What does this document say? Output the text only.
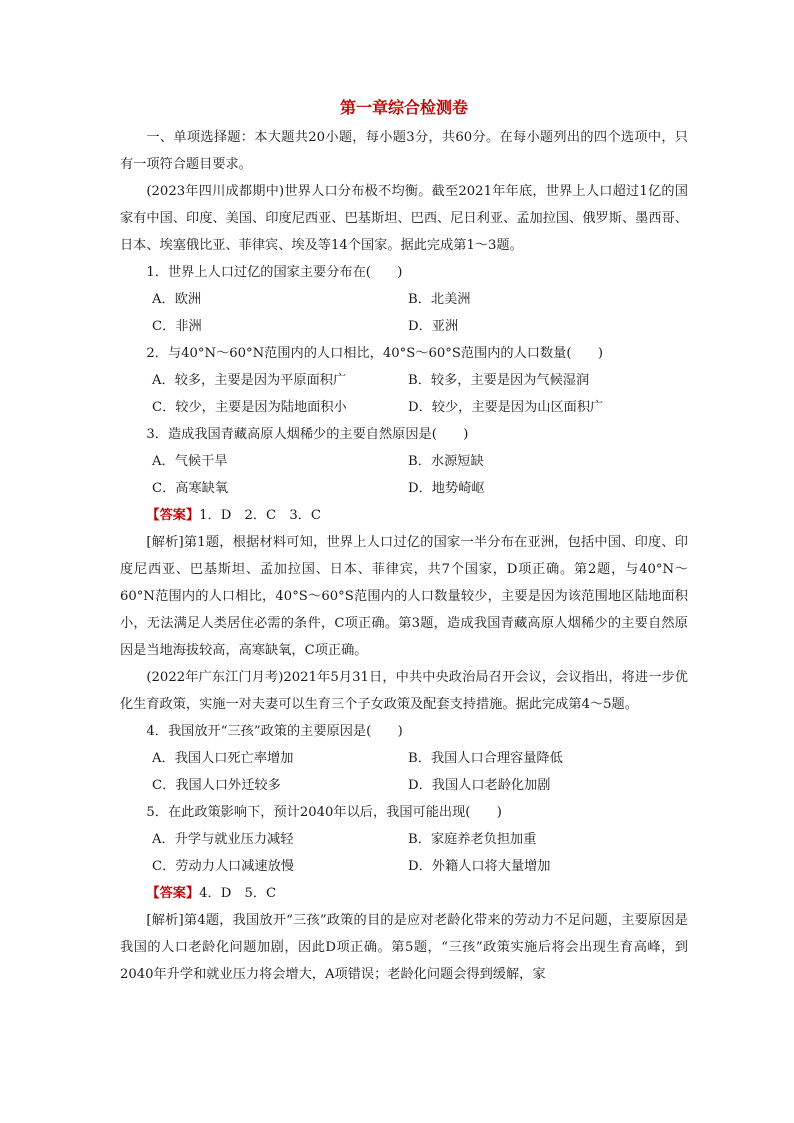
第一章综合检测卷

一、单项选择题：本大题共20小题，每小题3分，共60分。在每小题列出的四个选项中，只有一项符合题目要求。

(2023年四川成都期中)世界人口分布极不均衡。截至2021年年底，世界上人口超过1亿的国家有中国、印度、美国、印度尼西亚、巴基斯坦、巴西、尼日利亚、孟加拉国、俄罗斯、墨西哥、日本、埃塞俄比亚、菲律宾、埃及等14个国家。据此完成第1～3题。

1．世界上人口过亿的国家主要分布在(　　)

A．欧洲	B．北美洲
C．非洲	D．亚洲

2．与40°N～60°N范围内的人口相比，40°S～60°S范围内的人口数量(　　)

A．较多，主要是因为平原面积广	B．较多，主要是因为气候湿润
C．较少，主要是因为陆地面积小	D．较少，主要是因为山区面积广

3．造成我国青藏高原人烟稀少的主要自然原因是(　　)

A．气候干旱	B．水源短缺
C．高寒缺氧	D．地势崎岖

【答案】1．D　2．C　3．C

[解析]第1题，根据材料可知，世界上人口过亿的国家一半分布在亚洲，包括中国、印度、印度尼西亚、巴基斯坦、孟加拉国、日本、菲律宾，共7个国家，D项正确。第2题，与40°N～60°N范围内的人口相比，40°S～60°S范围内的人口数量较少，主要是因为该范围地区陆地面积小，无法满足人类居住必需的条件，C项正确。第3题，造成我国青藏高原人烟稀少的主要自然原因是当地海拔较高，高寒缺氧，C项正确。

(2022年广东江门月考)2021年5月31日，中共中央政治局召开会议，会议指出，将进一步优化生育政策，实施一对夫妻可以生育三个子女政策及配套支持措施。据此完成第4～5题。

4．我国放开“三孩”政策的主要原因是(　　)

A．我国人口死亡率增加	B．我国人口合理容量降低
C．我国人口外迁较多	D．我国人口老龄化加剧

5．在此政策影响下，预计2040年以后，我国可能出现(　　)

A．升学与就业压力减轻	B．家庭养老负担加重
C．劳动力人口减速放慢	D．外籍人口将大量增加

【答案】4．D　5．C

[解析]第4题，我国放开“三孩”政策的目的是应对老龄化带来的劳动力不足问题，主要原因是我国的人口老龄化问题加剧，因此D项正确。第5题，“三孩”政策实施后将会出现生育高峰，到2040年升学和就业压力将会增大，A项错误；老龄化问题会得到缓解，家
